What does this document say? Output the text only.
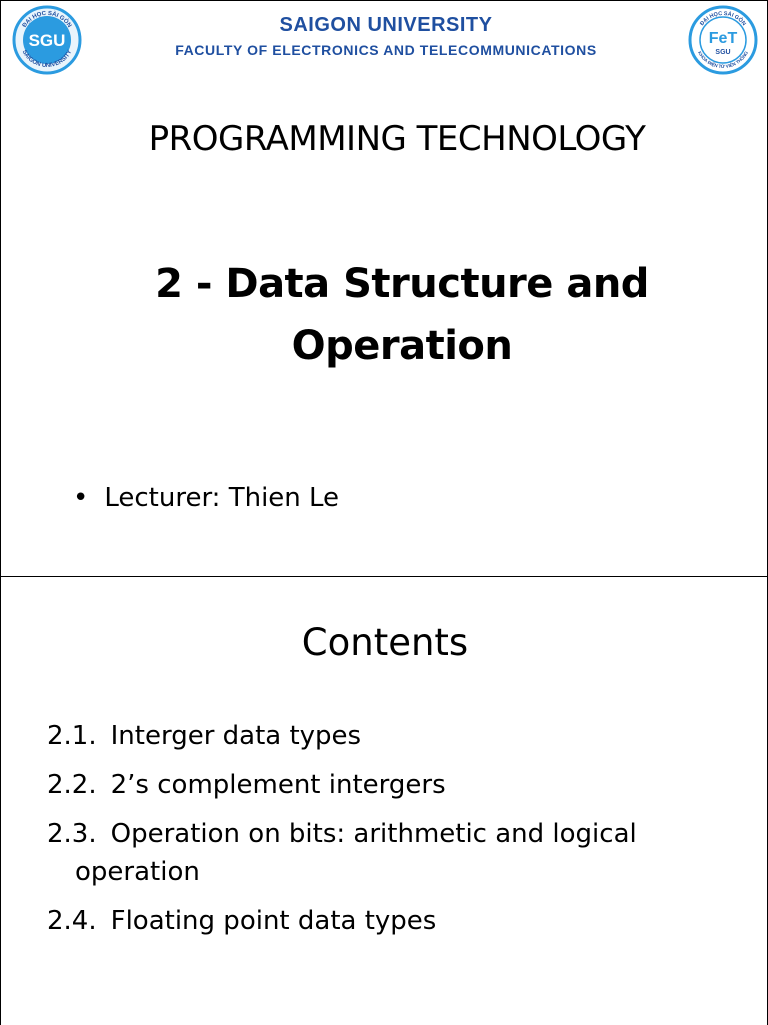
ĐẠI HỌC SÀI GÒN
SAIGON UNIVERSITY
SGU
ĐẠI HỌC SÀI GÒN
KHOA ĐIỆN TỬ VIỄN THÔNG
FeT
SGU
SAIGON UNIVERSITY
FACULTY OF ELECTRONICS AND TELECOMMUNICATIONS
PROGRAMMING TECHNOLOGY
2 - Data Structure and
Operation
• Lecturer: Thien Le
Contents
2.1. Interger data types
2.2. 2’s complement intergers
2.3. Operation on bits: arithmetic and logical operation
2.4. Floating point data types
